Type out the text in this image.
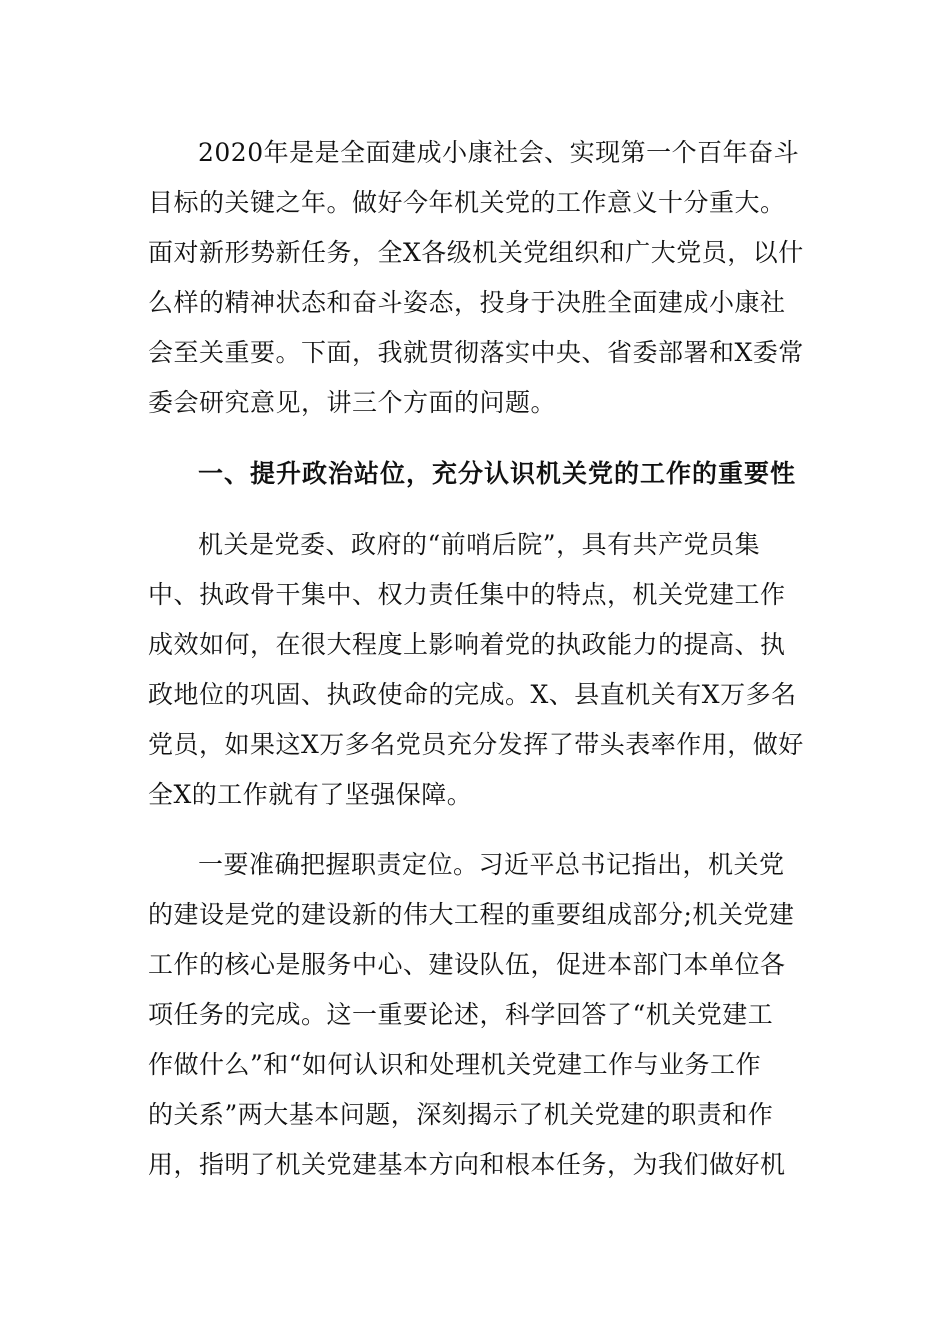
2020年是是全面建成小康社会、实现第一个百年奋斗
目标的关键之年。做好今年机关党的工作意义十分重大。
面对新形势新任务，全X各级机关党组织和广大党员，以什
么样的精神状态和奋斗姿态，投身于决胜全面建成小康社
会至关重要。下面，我就贯彻落实中央、省委部署和X委常
委会研究意见，讲三个方面的问题。
一、提升政治站位，充分认识机关党的工作的重要性
机关是党委、政府的“前哨后院”，具有共产党员集
中、执政骨干集中、权力责任集中的特点，机关党建工作
成效如何，在很大程度上影响着党的执政能力的提高、执
政地位的巩固、执政使命的完成。X、县直机关有X万多名
党员，如果这X万多名党员充分发挥了带头表率作用，做好
全X的工作就有了坚强保障。
一要准确把握职责定位。习近平总书记指出，机关党
的建设是党的建设新的伟大工程的重要组成部分;机关党建
工作的核心是服务中心、建设队伍，促进本部门本单位各
项任务的完成。这一重要论述，科学回答了“机关党建工
作做什么”和“如何认识和处理机关党建工作与业务工作
的关系”两大基本问题，深刻揭示了机关党建的职责和作
用，指明了机关党建基本方向和根本任务，为我们做好机
